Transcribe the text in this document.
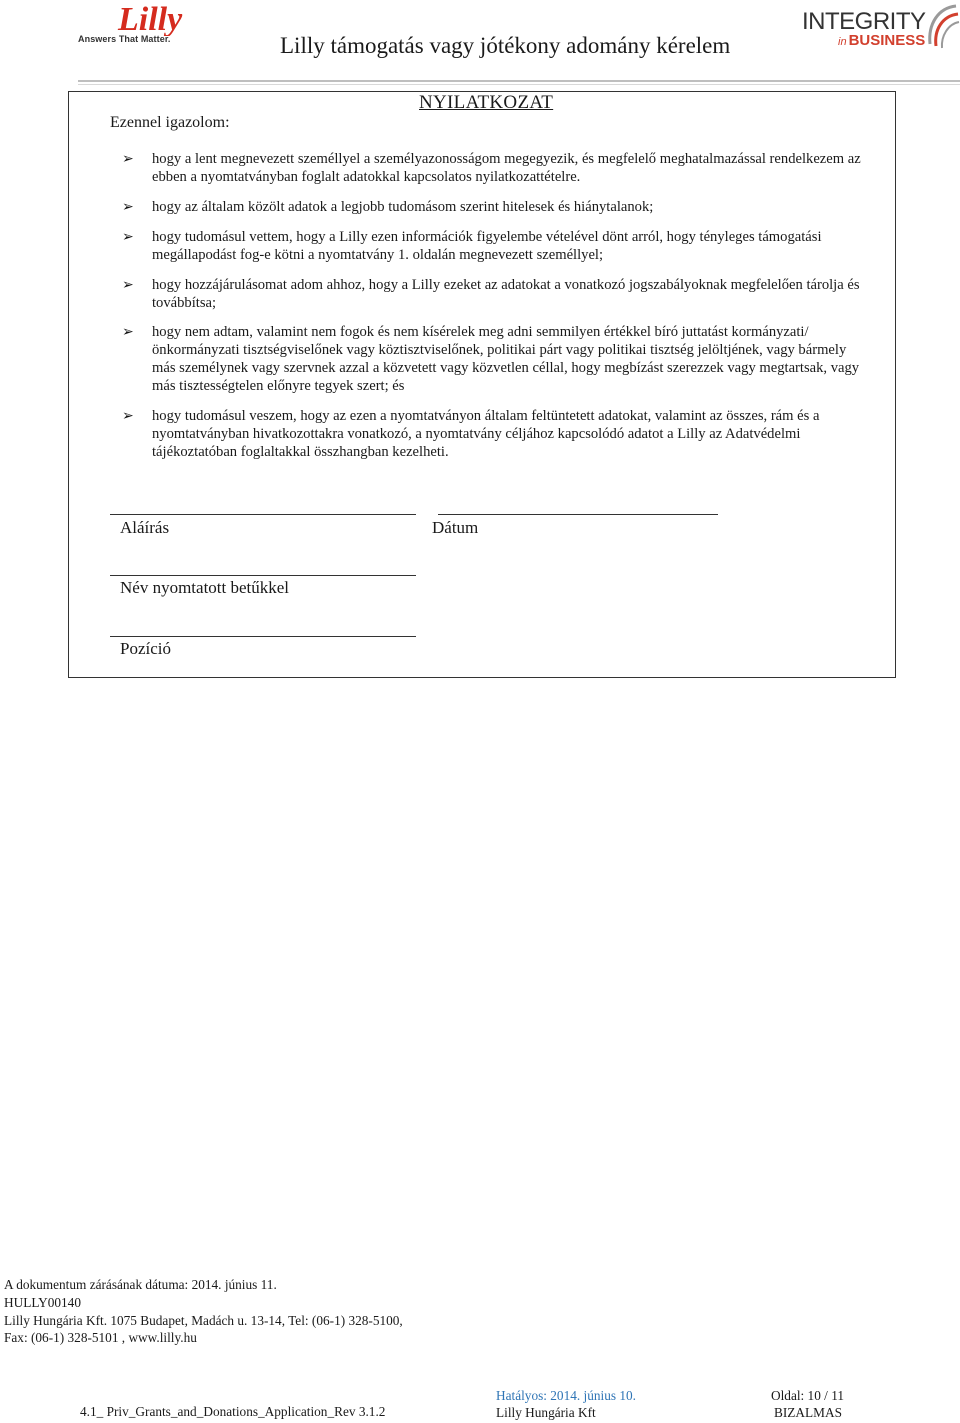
Lilly
Answers That Matter.	Lilly támogatás vagy jótékony adomány kérelem
INTEGRITY
in BUSINESS
Ezennel igazolom:
NYILATKOZAT
➢ hogy a lent megnevezett személlyel a személyazonosságom megegyezik, és megfelelő meghatalmazással rendelkezem az ebben a nyomtatványban foglalt adatokkal kapcsolatos nyilatkozattételre.
➢ hogy az általam közölt adatok a legjobb tudomásom szerint hitelesek és hiánytalanok;
➢ hogy tudomásul vettem, hogy a Lilly ezen információk figyelembe vételével dönt arról, hogy tényleges támogatási megállapodást fog-e kötni a nyomtatvány 1. oldalán megnevezett személlyel;
➢ hogy hozzájárulásomat adom ahhoz, hogy a Lilly ezeket az adatokat a vonatkozó jogszabályoknak megfelelően tárolja és továbbítsa;
➢ hogy nem adtam, valamint nem fogok és nem kísérelek meg adni semmilyen értékkel bíró juttatást kormányzati/önkormányzati tisztségviselőnek vagy köztisztviselőnek, politikai párt vagy politikai tisztség jelöltjének, vagy bármely más személynek vagy szervnek azzal a közvetett vagy közvetlen céllal, hogy megbízást szerezzek vagy megtartsak, vagy más tisztességtelen előnyre tegyek szert; és
➢ hogy tudomásul veszem, hogy az ezen a nyomtatványon általam feltüntetett adatokat, valamint az összes, rám és a nyomtatványban hivatkozottakra vonatkozó, a nyomtatvány céljához kapcsolódó adatot a Lilly az Adatvédelmi tájékoztatóban foglaltakkal összhangban kezelheti.
Aláírás	Dátum
Név nyomtatott betűkkel
Pozíció
A dokumentum zárásának dátuma: 2014. június 11.
HULLY00140
Lilly Hungária Kft. 1075 Budapet, Madách u. 13-14, Tel: (06-1) 328-5100,
Fax: (06-1) 328-5101 , www.lilly.hu
4.1_ Priv_Grants_and_Donations_Application_Rev 3.1.2
Hatályos: 2014. június 10.
Lilly Hungária Kft
Oldal: 10 / 11
BIZALMAS
